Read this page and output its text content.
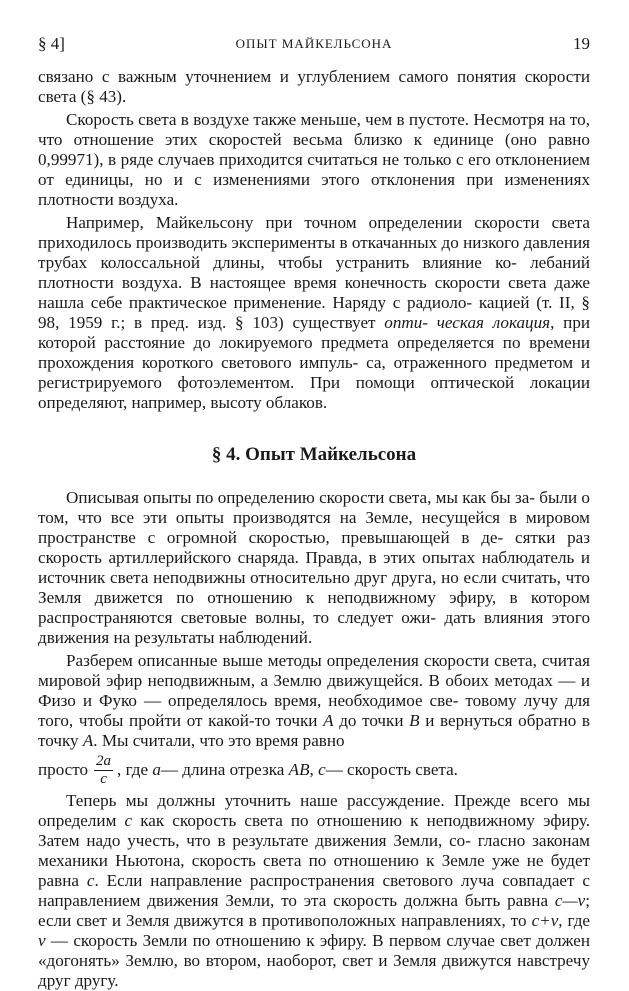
§ 4]	ОПЫТ МАЙКЕЛЬСОНА	19

связано с важным уточнением и углублением самого понятия скорости света (§ 43).

Скорость света в воздухе также меньше, чем в пустоте. Несмотря на то, что отношение этих скоростей весьма близко к единице (оно равно 0,99971), в ряде случаев приходится считаться не только с его отклонением от единицы, но и с изменениями этого отклонения при изменениях плотности воздуха.

Например, Майкельсону при точном определении скорости света приходилось производить эксперименты в откачанных до низкого давления трубах колоссальной длины, чтобы устранить влияние ко- лебаний плотности воздуха. В настоящее время конечность скорости света даже нашла себе практическое применение. Наряду с радиоло- кацией (т. II, § 98, 1959 г.; в пред. изд. § 103) существует опти- ческая локация, при которой расстояние до локируемого предмета определяется по времени прохождения короткого светового импуль- са, отраженного предметом и регистрируемого фотоэлементом. При помощи оптической локации определяют, например, высоту облаков.

§ 4. Опыт Майкельсона

Описывая опыты по определению скорости света, мы как бы за- были о том, что все эти опыты производятся на Земле, несущейся в мировом пространстве с огромной скоростью, превышающей в де- сятки раз скорость артиллерийского снаряда. Правда, в этих опытах наблюдатель и источник света неподвижны относительно друг друга, но если считать, что Земля движется по отношению к неподвижному эфиру, в котором распространяются световые волны, то следует ожи- дать влияния этого движения на результаты наблюдений.

Разберем описанные выше методы определения скорости света, считая мировой эфир неподвижным, а Землю движущейся. В обоих методах — и Физо и Фуко — определялось время, необходимое све- товому лучу для того, чтобы пройти от какой-то точки A до точки B и вернуться обратно в точку A. Мы считали, что это время равно

просто $\frac{2a}{c}$ , где
a — длина отрезка
AB ,
c — скорость света.

Теперь мы должны уточнить наше рассуждение. Прежде всего мы определим c как скорость света по отношению к неподвижному эфиру. Затем надо учесть, что в результате движения Земли, со- гласно законам механики Ньютона, скорость света по отношению к Земле уже не будет равна c. Если направление распространения светового луча совпадает с направлением движения Земли, то эта скорость должна быть равна c—v; если свет и Земля движутся в противоположных направлениях, то c+v, где v — скорость Земли по отношению к эфиру. В первом случае свет должен «догонять» Землю, во втором, наоборот, свет и Земля движутся навстречу друг другу.
